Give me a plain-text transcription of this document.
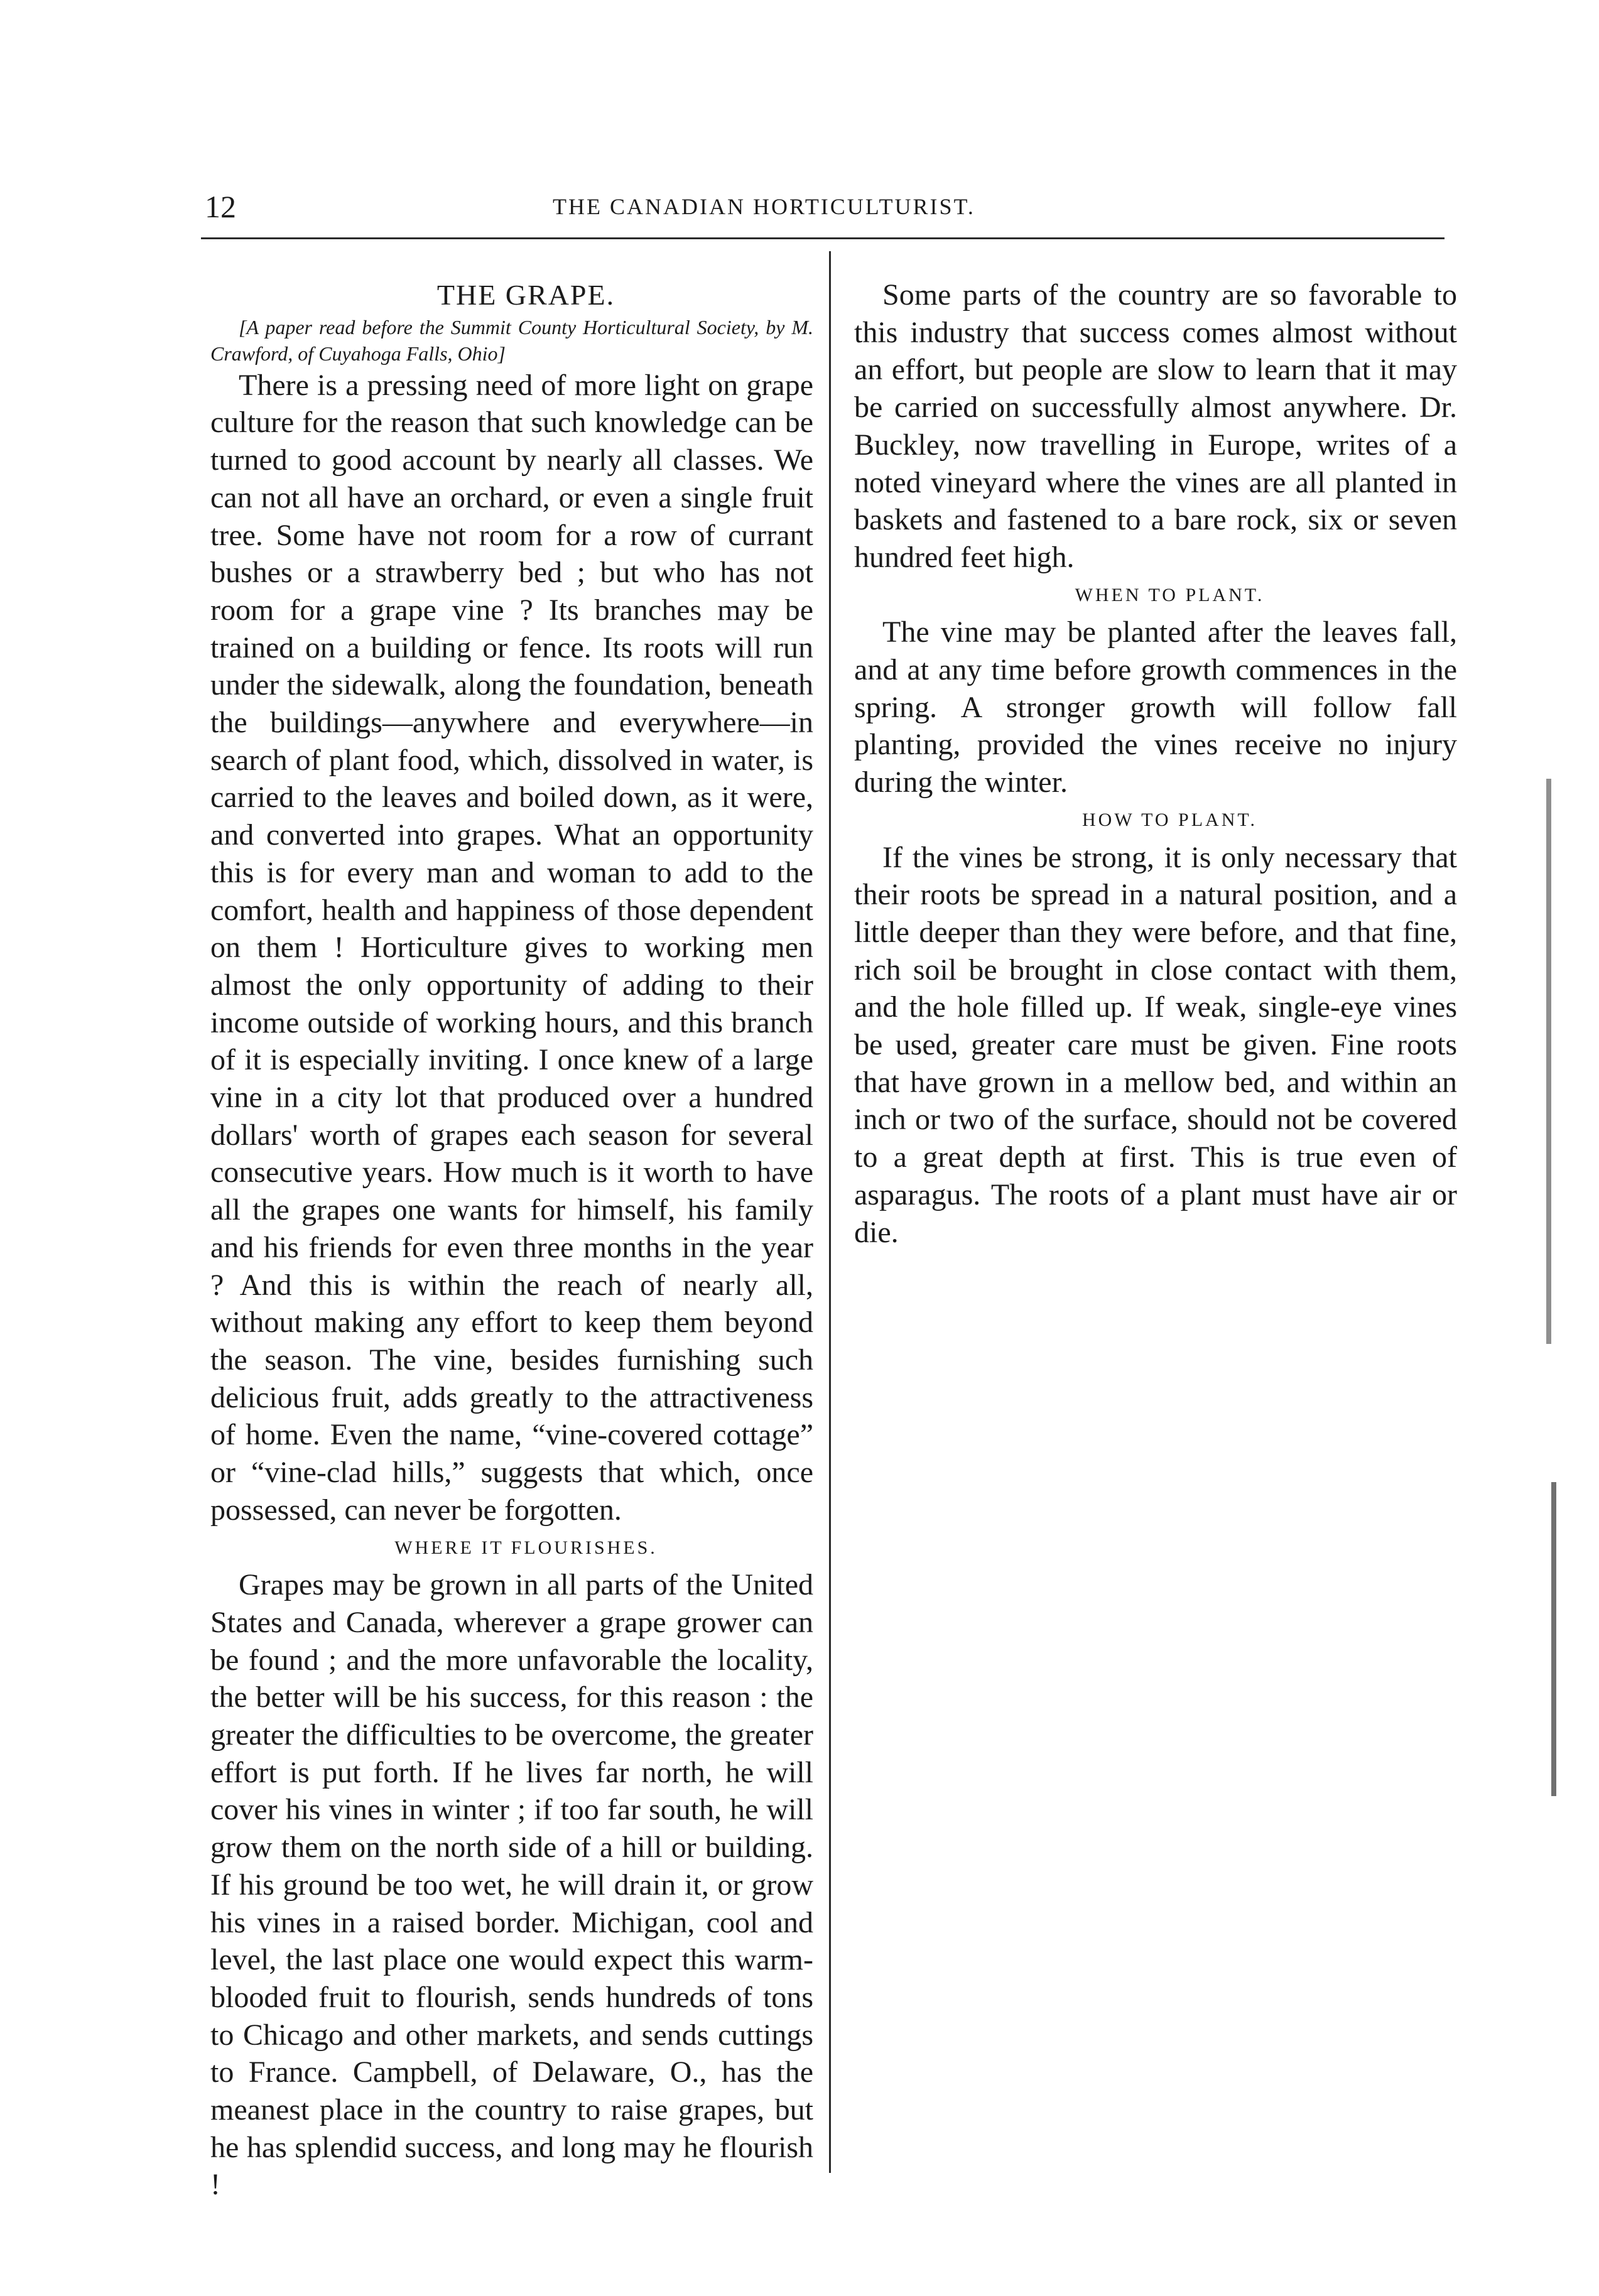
12	THE CANADIAN HORTICULTURIST.

THE GRAPE.

[A paper read before the Summit County Horticultural Society, by M. Crawford, of Cuyahoga Falls, Ohio]

There is a pressing need of more light on grape culture for the reason that such knowledge can be turned to good account by nearly all classes. We can not all have an orchard, or even a single fruit tree. Some have not room for a row of currant bushes or a strawberry bed ; but who has not room for a grape vine ? Its branches may be trained on a building or fence. Its roots will run under the sidewalk, along the foundation, beneath the buildings—anywhere and everywhere—in search of plant food, which, dissolved in water, is carried to the leaves and boiled down, as it were, and converted into grapes. What an opportunity this is for every man and woman to add to the comfort, health and happiness of those dependent on them ! Horticulture gives to working men almost the only opportunity of adding to their income outside of working hours, and this branch of it is especially inviting. I once knew of a large vine in a city lot that produced over a hundred dollars' worth of grapes each season for several consecutive years. How much is it worth to have all the grapes one wants for himself, his family and his friends for even three months in the year ? And this is within the reach of nearly all, without making any effort to keep them beyond the season. The vine, besides furnishing such delicious fruit, adds greatly to the attractiveness of home. Even the name, “vine-covered cottage” or “vine-clad hills,” suggests that which, once possessed, can never be forgotten.

WHERE IT FLOURISHES.

Grapes may be grown in all parts of the United States and Canada, wherever a grape grower can be found ; and the more unfavorable the locality, the better will be his success, for this reason : the greater the difficulties to be overcome, the greater effort is put forth. If he lives far north, he will cover his vines in winter ; if too far south, he will grow them on the north side of a hill or building. If his ground be too wet, he will drain it, or grow his vines in a raised border. Michigan, cool and level, the last place one would expect this warm-blooded fruit to flourish, sends hundreds of tons to Chicago and other markets, and sends cuttings to France. Campbell, of Delaware, O., has the meanest place in the country to raise grapes, but he has splendid success, and long may he flourish !

Some parts of the country are so favorable to this industry that success comes almost without an effort, but people are slow to learn that it may be carried on successfully almost anywhere. Dr. Buckley, now travelling in Europe, writes of a noted vineyard where the vines are all planted in baskets and fastened to a bare rock, six or seven hundred feet high.

WHEN TO PLANT.

The vine may be planted after the leaves fall, and at any time before growth commences in the spring. A stronger growth will follow fall planting, provided the vines receive no injury during the winter.

HOW TO PLANT.

If the vines be strong, it is only necessary that their roots be spread in a natural position, and a little deeper than they were before, and that fine, rich soil be brought in close contact with them, and the hole filled up. If weak, single-eye vines be used, greater care must be given. Fine roots that have grown in a mellow bed, and within an inch or two of the surface, should not be covered to a great depth at first. This is true even of asparagus. The roots of a plant must have air or die.
